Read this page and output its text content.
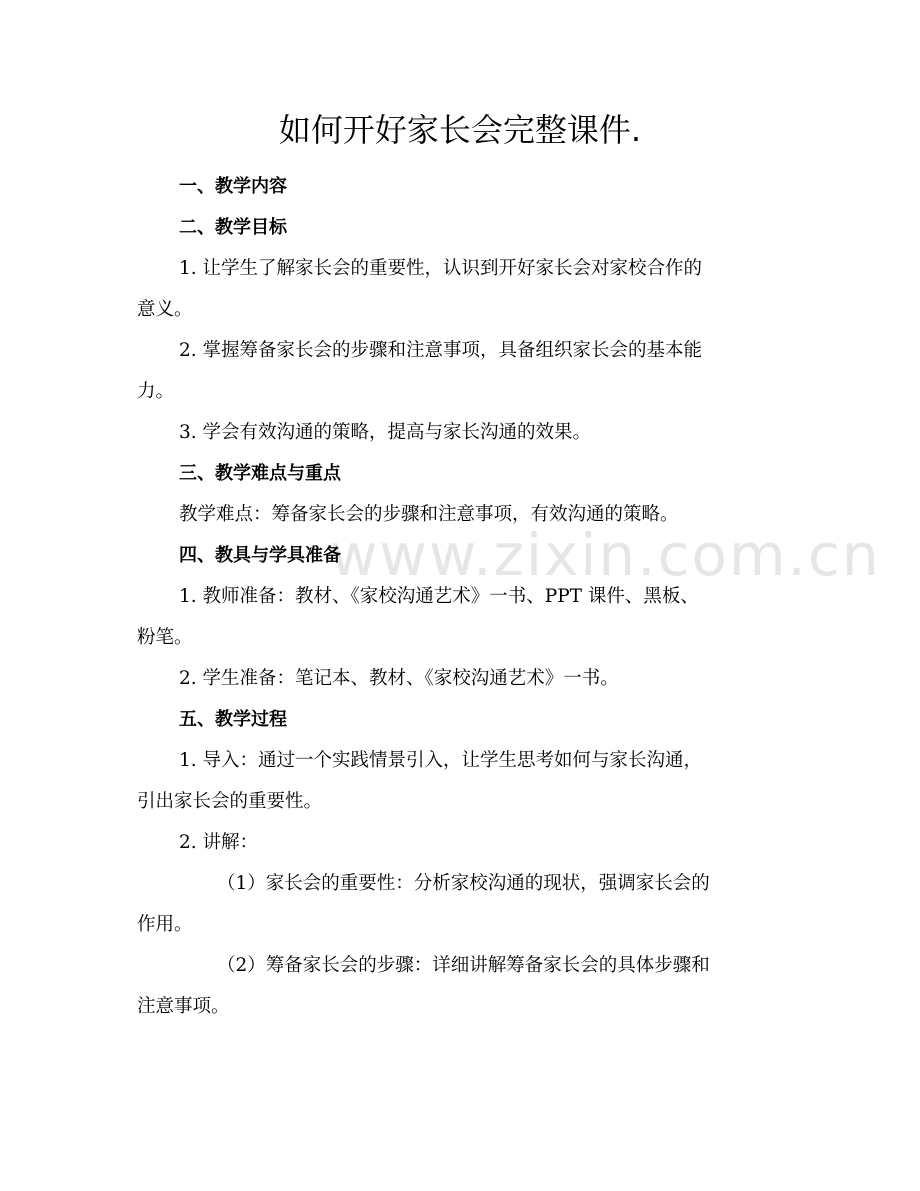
www.zixin.com.cn
如何开好家长会完整课件.
一、教学内容
二、教学目标
1. 让学生了解家长会的重要性，认识到开好家长会对家校合作的
意义。
2. 掌握筹备家长会的步骤和注意事项，具备组织家长会的基本能
力。
3. 学会有效沟通的策略，提高与家长沟通的效果。
三、教学难点与重点
教学难点：筹备家长会的步骤和注意事项，有效沟通的策略。
四、教具与学具准备
1. 教师准备：教材、《家校沟通艺术》一书、PPT 课件、黑板、
粉笔。
2. 学生准备：笔记本、教材、《家校沟通艺术》一书。
五、教学过程
1. 导入：通过一个实践情景引入，让学生思考如何与家长沟通，
引出家长会的重要性。
2. 讲解：
（1）家长会的重要性：分析家校沟通的现状，强调家长会的
作用。
（2）筹备家长会的步骤：详细讲解筹备家长会的具体步骤和
注意事项。
